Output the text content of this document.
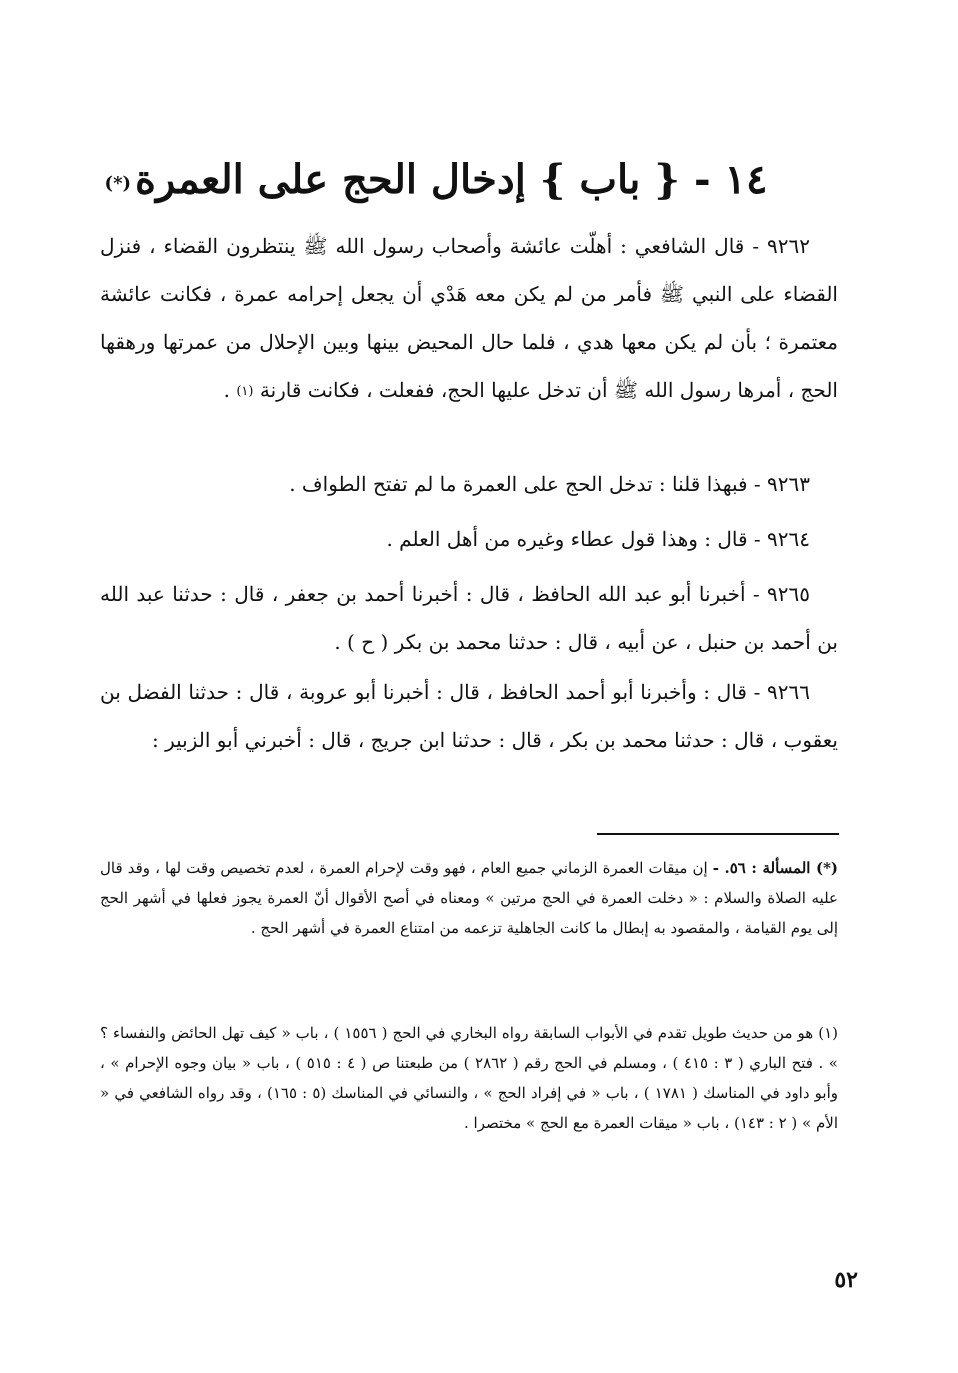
١٤ - { باب } إدخال الحج على العمرة(*)

٩٢٦٢ - قال الشافعي : أهلّت عائشة وأصحاب رسول الله ﷺ ينتظرون القضاء ، فنزل القضاء على النبي ﷺ فأمر من لم يكن معه هَدْي أن يجعل إحرامه عمرة ، فكانت عائشة معتمرة ؛ بأن لم يكن معها هدي ، فلما حال المحيض بينها وبين الإحلال من عمرتها ورهقها الحج ، أمرها رسول الله ﷺ أن تدخل عليها الحج، ففعلت ، فكانت قارنة $^{(١)}$ .

٩٢٦٣ - فبهذا قلنا : تدخل الحج على العمرة ما لم تفتح الطواف .

٩٢٦٤ - قال : وهذا قول عطاء وغيره من أهل العلم .

٩٢٦٥ - أخبرنا أبو عبد الله الحافظ ، قال : أخبرنا أحمد بن جعفر ، قال : حدثنا عبد الله بن أحمد بن حنبل ، عن أبيه ، قال : حدثنا محمد بن بكر ( ح ) .

٩٢٦٦ - قال : وأخبرنا أبو أحمد الحافظ ، قال : أخبرنا أبو عروبة ، قال : حدثنا الفضل بن يعقوب ، قال : حدثنا محمد بن بكر ، قال : حدثنا ابن جريج ، قال : أخبرني أبو الزبير :

(*) المسألة : ٥٦. - إن ميقات العمرة الزماني جميع العام ، فهو وقت لإحرام العمرة ، لعدم تخصيص وقت لها ، وقد قال عليه الصلاة والسلام : « دخلت العمرة في الحج مرتين » ومعناه في أصح الأقوال أنّ العمرة يجوز فعلها في أشهر الحج إلى يوم القيامة ، والمقصود به إبطال ما كانت الجاهلية تزعمه من امتناع العمرة في أشهر الحج .

(١) هو من حديث طويل تقدم في الأبواب السابقة رواه البخاري في الحج ( ١٥٥٦ ) ، باب « كيف تهل الحائض والنفساء ؟ » . فتح الباري ( ٣ : ٤١٥ ) ، ومسلم في الحج رقم ( ٢٨٦٢ ) من طبعتنا ص ( ٤ : ٥١٥ ) ، باب « بيان وجوه الإحرام » ، وأبو داود في المناسك ( ١٧٨١ ) ، باب « في إفراد الحج » ، والنسائي في المناسك (٥ : ١٦٥) ، وقد رواه الشافعي في « الأم » ( ٢ : ١٤٣) ، باب « ميقات العمرة مع الحج » مختصرا .

٥٢
